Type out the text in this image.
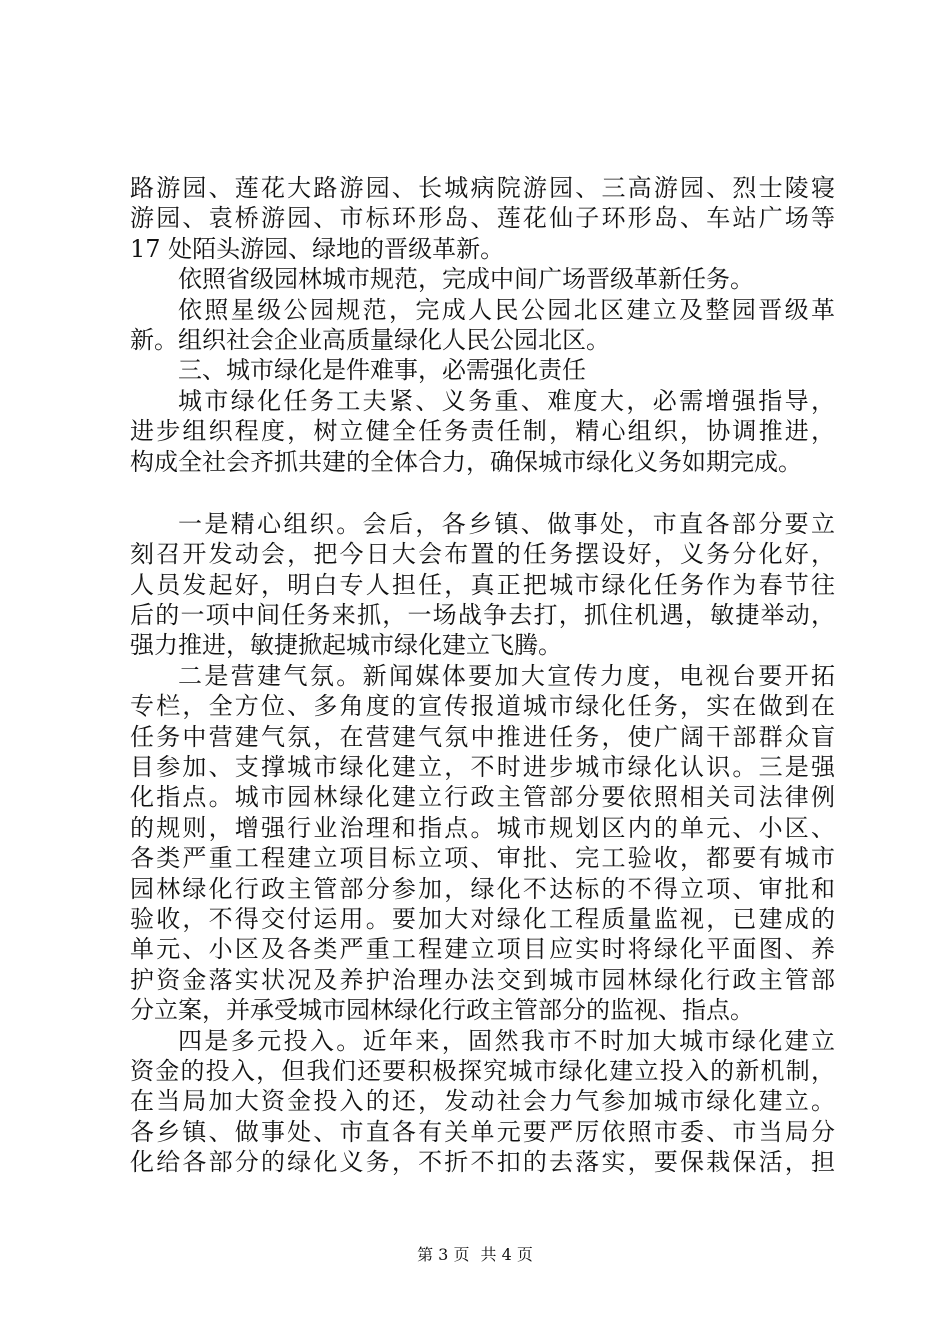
路游园、莲花大路游园、长城病院游园、三高游园、烈士陵寝
游园、袁桥游园、市标环形岛、莲花仙子环形岛、车站广场等
17 处陌头游园、绿地的晋级革新。
依照省级园林城市规范，完成中间广场晋级革新任务。
依照星级公园规范，完成人民公园北区建立及整园晋级革
新。组织社会企业高质量绿化人民公园北区。
三、城市绿化是件难事，必需强化责任
城市绿化任务工夫紧、义务重、难度大，必需增强指导，
进步组织程度，树立健全任务责任制，精心组织，协调推进，
构成全社会齐抓共建的全体合力，确保城市绿化义务如期完成。
一是精心组织。会后，各乡镇、做事处，市直各部分要立
刻召开发动会，把今日大会布置的任务摆设好，义务分化好，
人员发起好，明白专人担任，真正把城市绿化任务作为春节往
后的一项中间任务来抓，一场战争去打，抓住机遇，敏捷举动，
强力推进，敏捷掀起城市绿化建立飞腾。
二是营建气氛。新闻媒体要加大宣传力度，电视台要开拓
专栏，全方位、多角度的宣传报道城市绿化任务，实在做到在
任务中营建气氛，在营建气氛中推进任务，使广阔干部群众盲
目参加、支撑城市绿化建立，不时进步城市绿化认识。三是强
化指点。城市园林绿化建立行政主管部分要依照相关司法律例
的规则，增强行业治理和指点。城市规划区内的单元、小区、
各类严重工程建立项目标立项、审批、完工验收，都要有城市
园林绿化行政主管部分参加，绿化不达标的不得立项、审批和
验收，不得交付运用。要加大对绿化工程质量监视，已建成的
单元、小区及各类严重工程建立项目应实时将绿化平面图、养
护资金落实状况及养护治理办法交到城市园林绿化行政主管部
分立案，并承受城市园林绿化行政主管部分的监视、指点。
四是多元投入。近年来，固然我市不时加大城市绿化建立
资金的投入，但我们还要积极探究城市绿化建立投入的新机制，
在当局加大资金投入的还，发动社会力气参加城市绿化建立。
各乡镇、做事处、市直各有关单元要严厉依照市委、市当局分
化给各部分的绿化义务，不折不扣的去落实，要保栽保活，担
第 3 页 共 4 页
